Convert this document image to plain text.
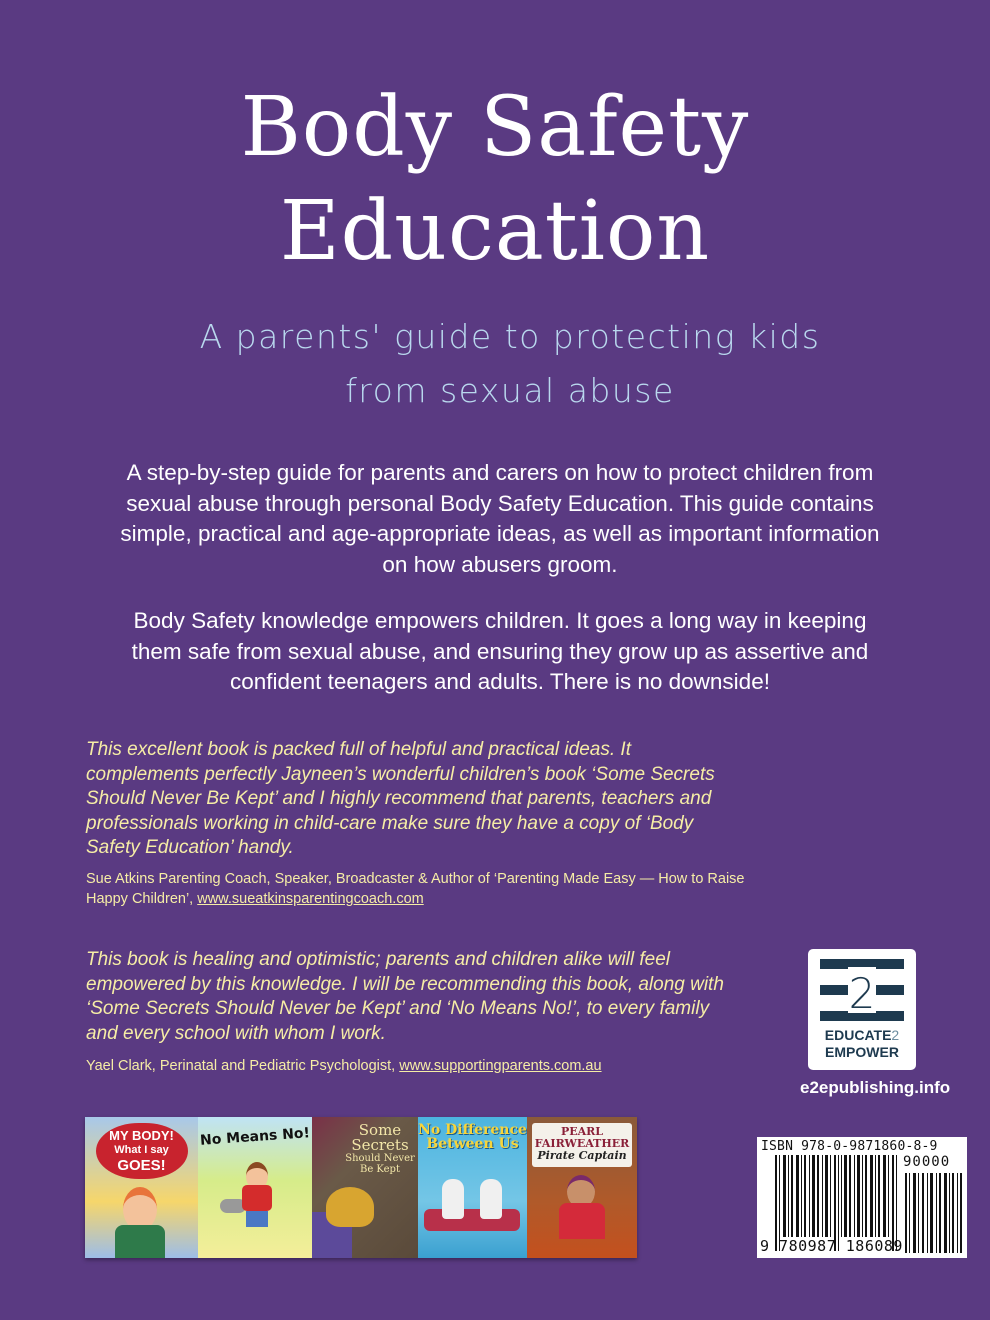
Body Safety
Education
A parents' guide to protecting kids
from sexual abuse

A step-by-step guide for parents and carers on how to protect children from sexual abuse through personal Body Safety Education. This guide contains simple, practical and age-appropriate ideas, as well as important information on how abusers groom.

Body Safety knowledge empowers children. It goes a long way in keeping them safe from sexual abuse, and ensuring they grow up as assertive and confident teenagers and adults. There is no downside!

This excellent book is packed full of helpful and practical ideas. It complements perfectly Jayneen’s wonderful children’s book ‘Some Secrets Should Never Be Kept’ and I highly recommend that parents, teachers and professionals working in child-care make sure they have a copy of ‘Body Safety Education’ handy.
Sue Atkins Parenting Coach, Speaker, Broadcaster & Author of ‘Parenting Made Easy — How to Raise Happy Children’, www.sueatkinsparentingcoach.com
This book is healing and optimistic; parents and children alike will feel empowered by this knowledge. I will be recommending this book, along with ‘Some Secrets Should Never be Kept’ and ‘No Means No!’, to every family and every school with whom I work.
Yael Clark, Perinatal and Pediatric Psychologist, www.supportingparents.com.au
MY BODY!
What I say
GOES!
No Means No!	Some
Secrets
Should Never
Be Kept
No Difference
Between Us
PEARL
FAIRWEATHER
Pirate Captain
2
EDUCATE2
EMPOWER
e2epublishing.info
ISBN 978-0-9871860-8-9
90000
9 780987 186089
